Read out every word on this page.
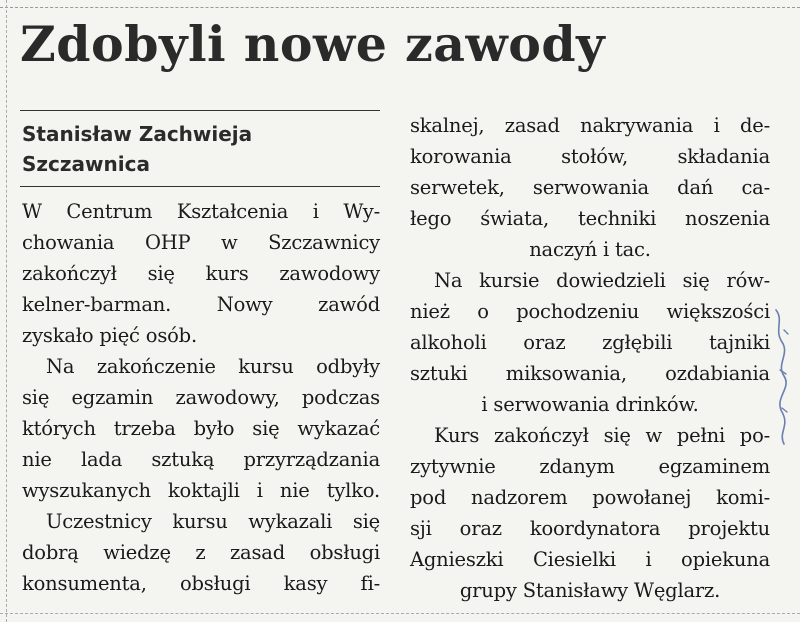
Zdobyli nowe zawody
Stanisław Zachwieja
Szczawnica
W Centrum Kształcenia i Wy-
chowania OHP w Szczawnicy
zakończył się kurs zawodowy
kelner-barman. Nowy zawód
zyskało pięć osób.
Na zakończenie kursu odbyły
się egzamin zawodowy, podczas
których trzeba było się wykazać
nie lada sztuką przyrządzania
wyszukanych koktajli i nie tylko.
Uczestnicy kursu wykazali się
dobrą wiedzę z zasad obsługi
konsumenta, obsługi kasy fi-
skalnej, zasad nakrywania i de-
korowania stołów, składania
serwetek, serwowania dań ca-
łego świata, techniki noszenia
naczyń i tac.
Na kursie dowiedzieli się rów-
nież o pochodzeniu większości
alkoholi oraz zgłębili tajniki
sztuki miksowania, ozdabiania
i serwowania drinków.
Kurs zakończył się w pełni po-
zytywnie zdanym egzaminem
pod nadzorem powołanej komi-
sji oraz koordynatora projektu
Agnieszki Ciesielki i opiekuna
grupy Stanisławy Węglarz.
